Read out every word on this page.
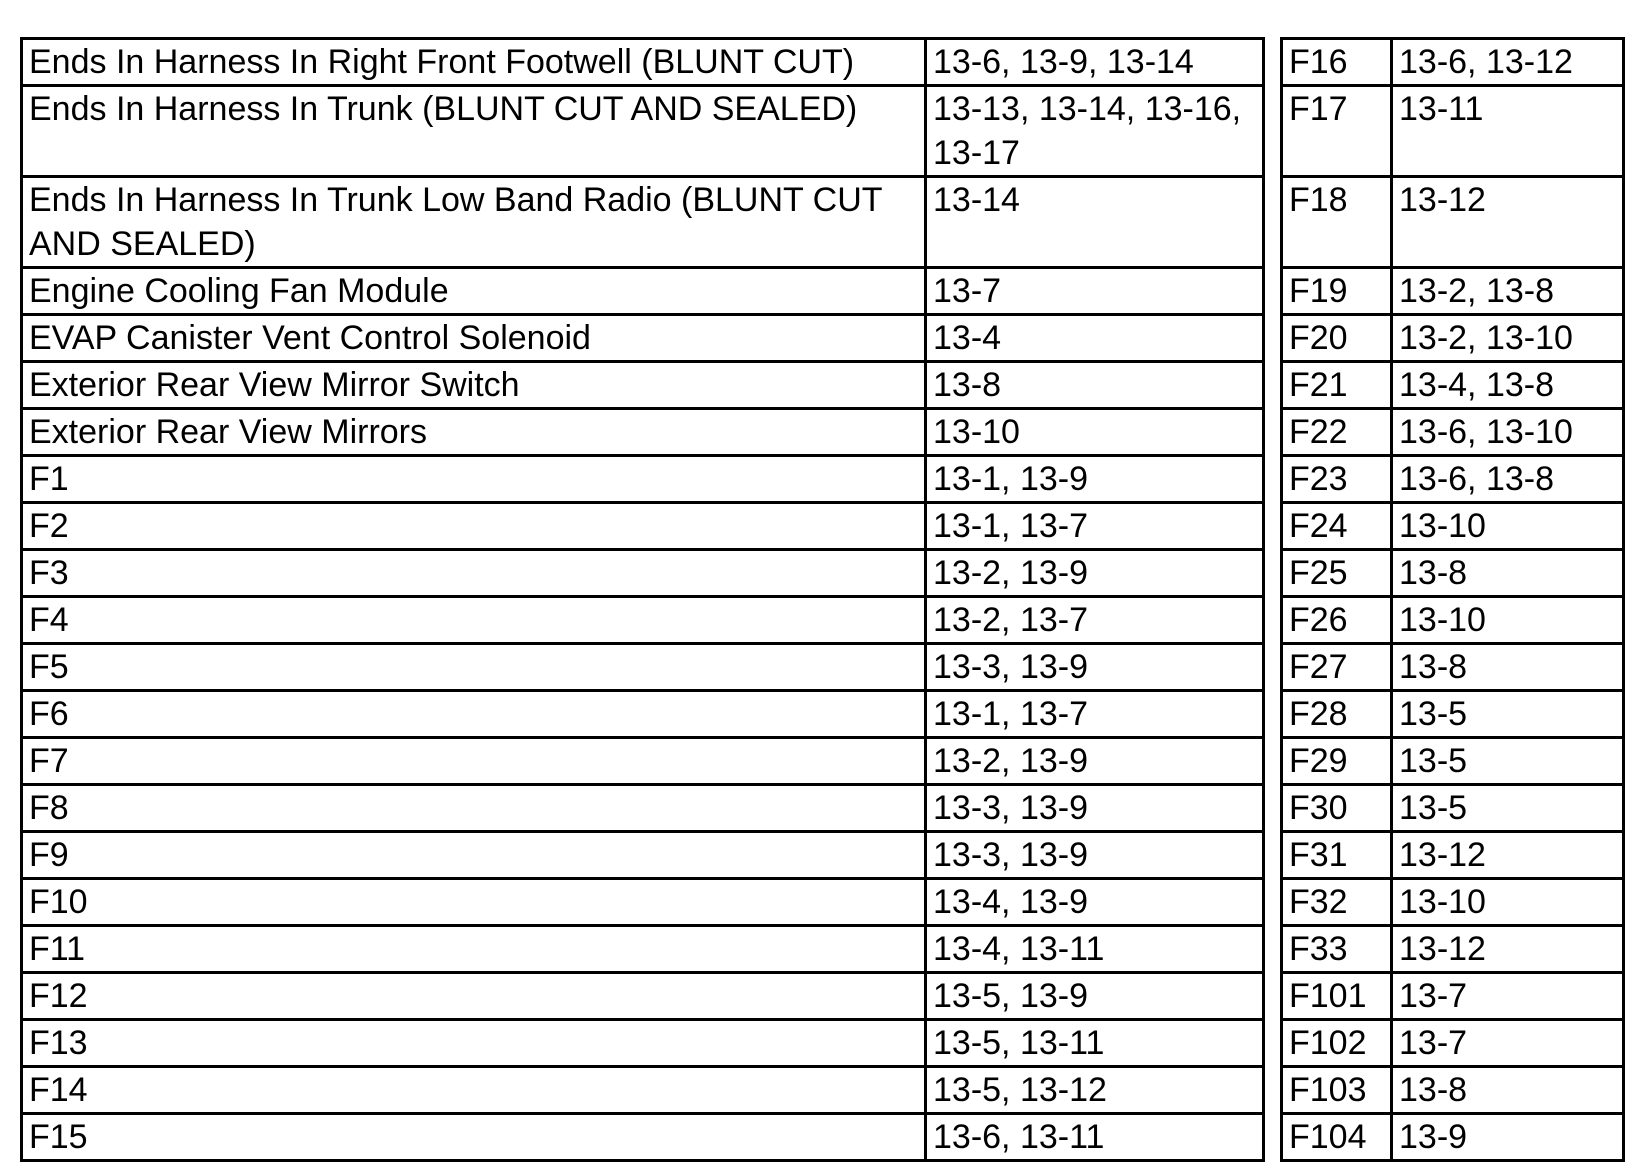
Ends In Harness In Right Front Footwell (BLUNT CUT)	13-6, 13-9, 13-14
Ends In Harness In Trunk (BLUNT CUT AND SEALED)	13-13, 13-14, 13-16, 13-17
Ends In Harness In Trunk Low Band Radio (BLUNT CUT AND SEALED)	13-14
Engine Cooling Fan Module	13-7
EVAP Canister Vent Control Solenoid	13-4
Exterior Rear View Mirror Switch	13-8
Exterior Rear View Mirrors	13-10
F1	13-1, 13-9
F2	13-1, 13-7
F3	13-2, 13-9
F4	13-2, 13-7
F5	13-3, 13-9
F6	13-1, 13-7
F7	13-2, 13-9
F8	13-3, 13-9
F9	13-3, 13-9
F10	13-4, 13-9
F11	13-4, 13-11
F12	13-5, 13-9
F13	13-5, 13-11
F14	13-5, 13-12
F15	13-6, 13-11
F16	13-6, 13-12
F17	13-11
F18	13-12
F19	13-2, 13-8
F20	13-2, 13-10
F21	13-4, 13-8
F22	13-6, 13-10
F23	13-6, 13-8
F24	13-10
F25	13-8
F26	13-10
F27	13-8
F28	13-5
F29	13-5
F30	13-5
F31	13-12
F32	13-10
F33	13-12
F101	13-7
F102	13-7
F103	13-8
F104	13-9
